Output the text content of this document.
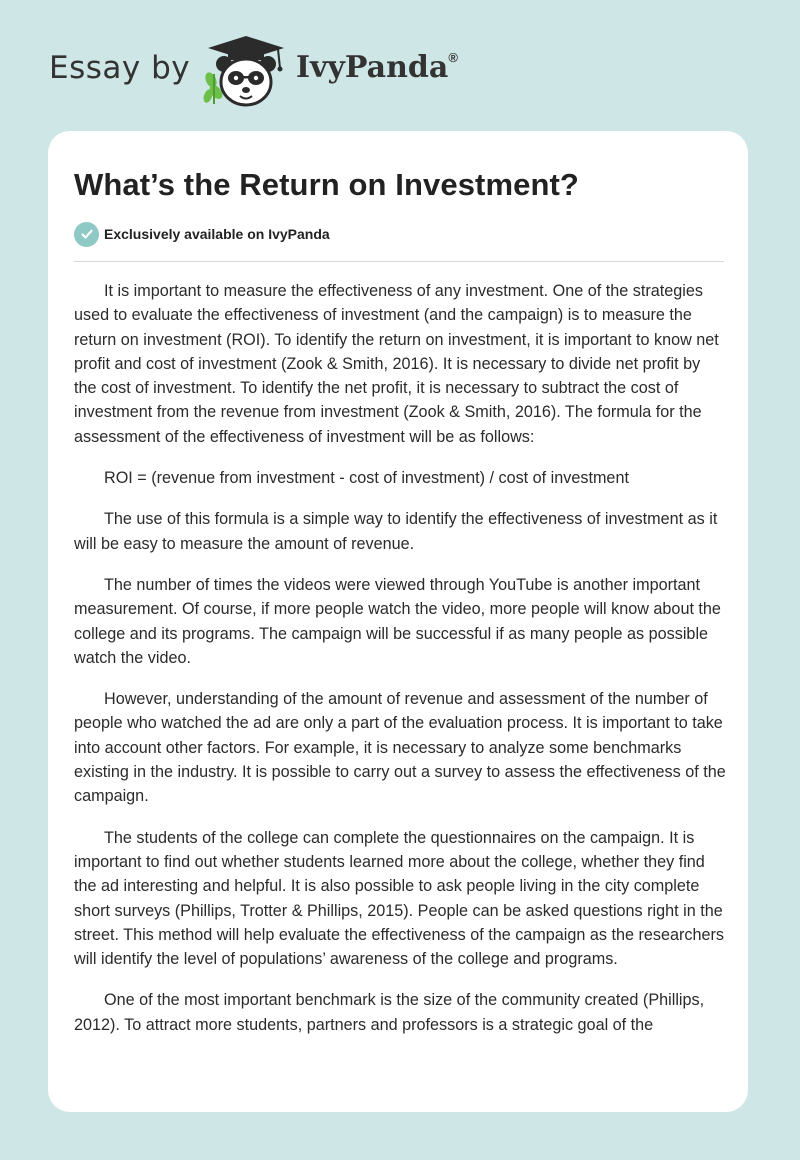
Essay by	IvyPanda®
What’s the Return on Investment?
Exclusively available on IvyPanda

It is important to measure the effectiveness of any investment. One of the strategies used to evaluate the effectiveness of investment (and the campaign) is to measure the return on investment (ROI). To identify the return on investment, it is important to know net profit and cost of investment (Zook & Smith, 2016). It is necessary to divide net profit by the cost of investment. To identify the net profit, it is necessary to subtract the cost of investment from the revenue from investment (Zook & Smith, 2016). The formula for the assessment of the effectiveness of investment will be as follows:

ROI = (revenue from investment - cost of investment) / cost of investment

The use of this formula is a simple way to identify the effectiveness of investment as it will be easy to measure the amount of revenue.

The number of times the videos were viewed through YouTube is another important measurement. Of course, if more people watch the video, more people will know about the college and its programs. The campaign will be successful if as many people as possible watch the video.

However, understanding of the amount of revenue and assessment of the number of people who watched the ad are only a part of the evaluation process. It is important to take into account other factors. For example, it is necessary to analyze some benchmarks existing in the industry. It is possible to carry out a survey to assess the effectiveness of the campaign.

The students of the college can complete the questionnaires on the campaign. It is important to find out whether students learned more about the college, whether they find the ad interesting and helpful. It is also possible to ask people living in the city complete short surveys (Phillips, Trotter & Phillips, 2015). People can be asked questions right in the street. This method will help evaluate the effectiveness of the campaign as the researchers will identify the level of populations’ awareness of the college and programs.

One of the most important benchmark is the size of the community created (Phillips, 2012). To attract more students, partners and professors is a strategic goal of the
